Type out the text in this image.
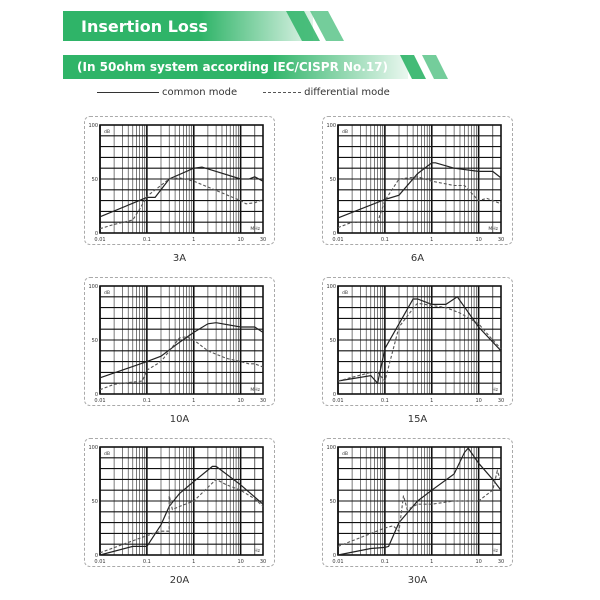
Insertion Loss
(In 50ohm system according IEC/CISPR No.17)
common mode	differential mode
0.01	0.1	1	10	30
0
50
100
dB
MHz
3A
0.01	0.1	1	10	30
0
50
100
dB
MHz
6A
0.01	0.1	1	10	30
0
50
100
dB
MHz
10A
0.01	0.1	1	10	30
0
50
100
dB
Hz
15A
0.01	0.1	1	10	30
0
50
100
dB
Hz
20A
0.01	0.1	1	10	30
0
50
100
dB
Hz
30A
